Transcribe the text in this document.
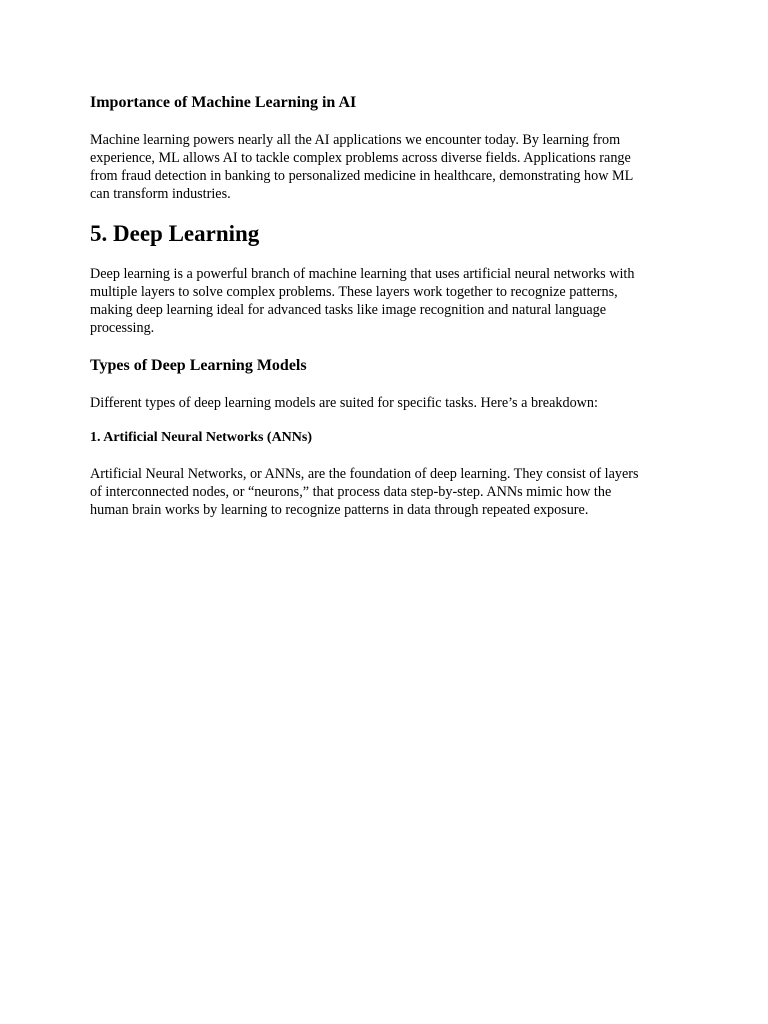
Importance of Machine Learning in AI

Machine learning powers nearly all the AI applications we encounter today. By learning from
experience, ML allows AI to tackle complex problems across diverse fields. Applications range
from fraud detection in banking to personalized medicine in healthcare, demonstrating how ML
can transform industries.

5. Deep Learning

Deep learning is a powerful branch of machine learning that uses artificial neural networks with
multiple layers to solve complex problems. These layers work together to recognize patterns,
making deep learning ideal for advanced tasks like image recognition and natural language
processing.

Types of Deep Learning Models

Different types of deep learning models are suited for specific tasks. Here’s a breakdown:

1. Artificial Neural Networks (ANNs)

Artificial Neural Networks, or ANNs, are the foundation of deep learning. They consist of layers
of interconnected nodes, or “neurons,” that process data step-by-step. ANNs mimic how the
human brain works by learning to recognize patterns in data through repeated exposure.
